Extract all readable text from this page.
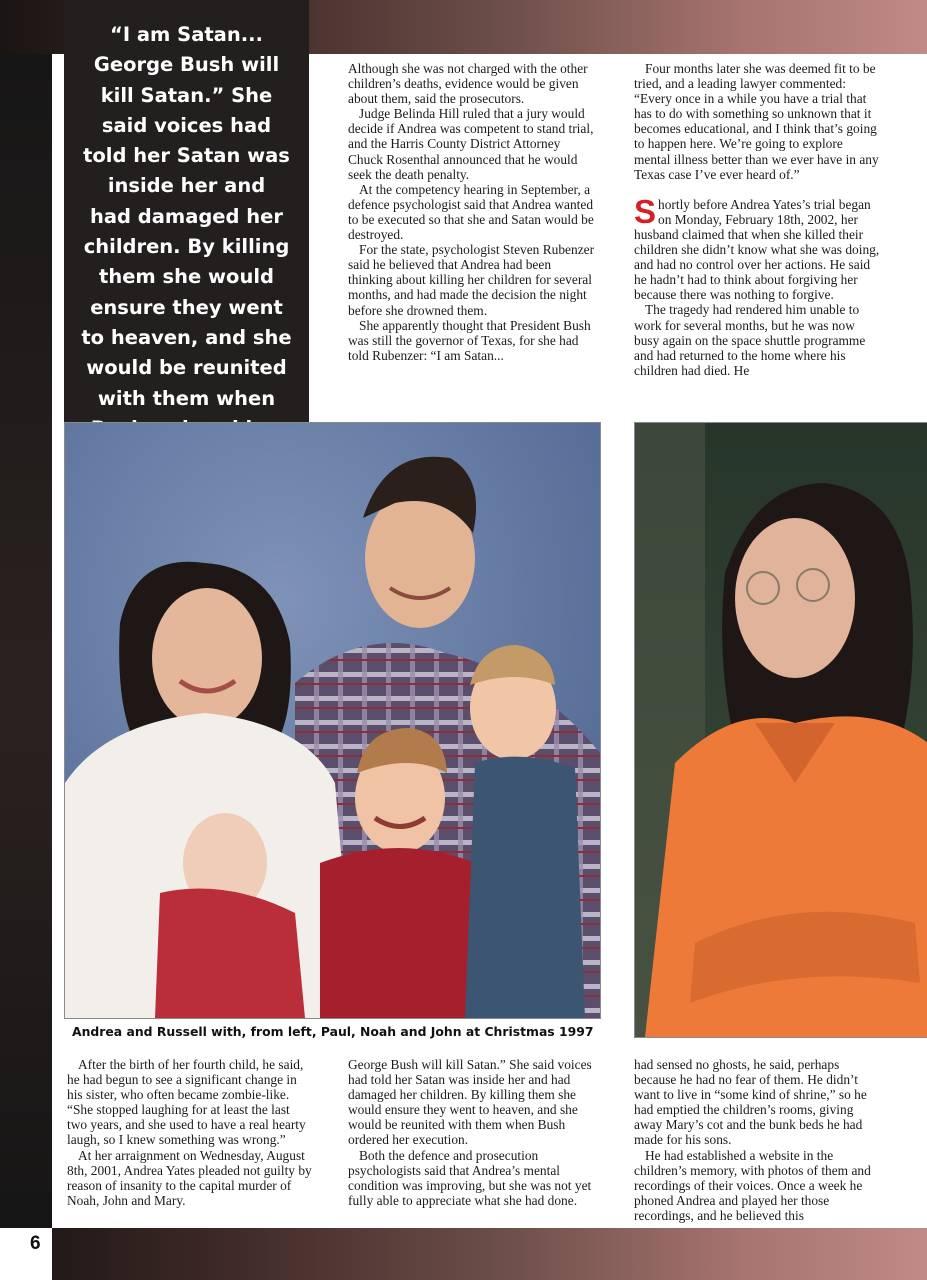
6
“I am Satan...
George Bush will
kill Satan.” She
said voices had
told her Satan was
inside her and
had damaged her
children. By killing
them she would
ensure they went
to heaven, and she
would be reunited
with them when

Although she was not charged with the other children’s deaths, evidence would be given about them, said the prosecutors.

Judge Belinda Hill ruled that a jury would decide if Andrea was competent to stand trial, and the Harris County District Attorney Chuck Rosenthal announced that he would seek the death penalty.

At the competency hearing in September, a defence psychologist said that Andrea wanted to be executed so that she and Satan would be destroyed.

For the state, psychologist Steven Rubenzer said he believed that Andrea had been thinking about killing her children for several months, and had made the decision the night before she drowned them.

She apparently thought that President Bush was still the governor of Texas, for she had told Rubenzer: “I am Satan...

Four months later she was deemed fit to be tried, and a leading lawyer commented: “Every once in a while you have a trial that has to do with something so unknown that it becomes educational, and I think that’s going to happen here. We’re going to explore mental illness better than we ever have in any Texas case I’ve ever heard of.”

Shortly before Andrea Yates’s trial began on Monday, February 18th, 2002, her husband claimed that when she killed their children she didn’t know what she was doing, and had no control over her actions. He said he hadn’t had to think about forgiving her because there was nothing to forgive.

The tragedy had rendered him unable to work for several months, but he was now busy again on the space shuttle programme and had returned to the home where his children had died. He

Andrea and Russell with, from left, Paul, Noah and John at Christmas 1997

After the birth of her fourth child, he said, he had begun to see a significant change in his sister, who often became zombie-like. “She stopped laughing for at least the last two years, and she used to have a real hearty laugh, so I knew something was wrong.”

At her arraignment on Wednesday, August 8th, 2001, Andrea Yates pleaded not guilty by reason of insanity to the capital murder of Noah, John and Mary.

George Bush will kill Satan.” She said voices had told her Satan was inside her and had damaged her children. By killing them she would ensure they went to heaven, and she would be reunited with them when Bush ordered her execution.

Both the defence and prosecution psychologists said that Andrea’s mental condition was improving, but she was not yet fully able to appreciate what she had done.

had sensed no ghosts, he said, perhaps because he had no fear of them. He didn’t want to live in “some kind of shrine,” so he had emptied the children’s rooms, giving away Mary’s cot and the bunk beds he had made for his sons.

He had established a website in the children’s memory, with photos of them and recordings of their voices. Once a week he phoned Andrea and played her those recordings, and he believed this
